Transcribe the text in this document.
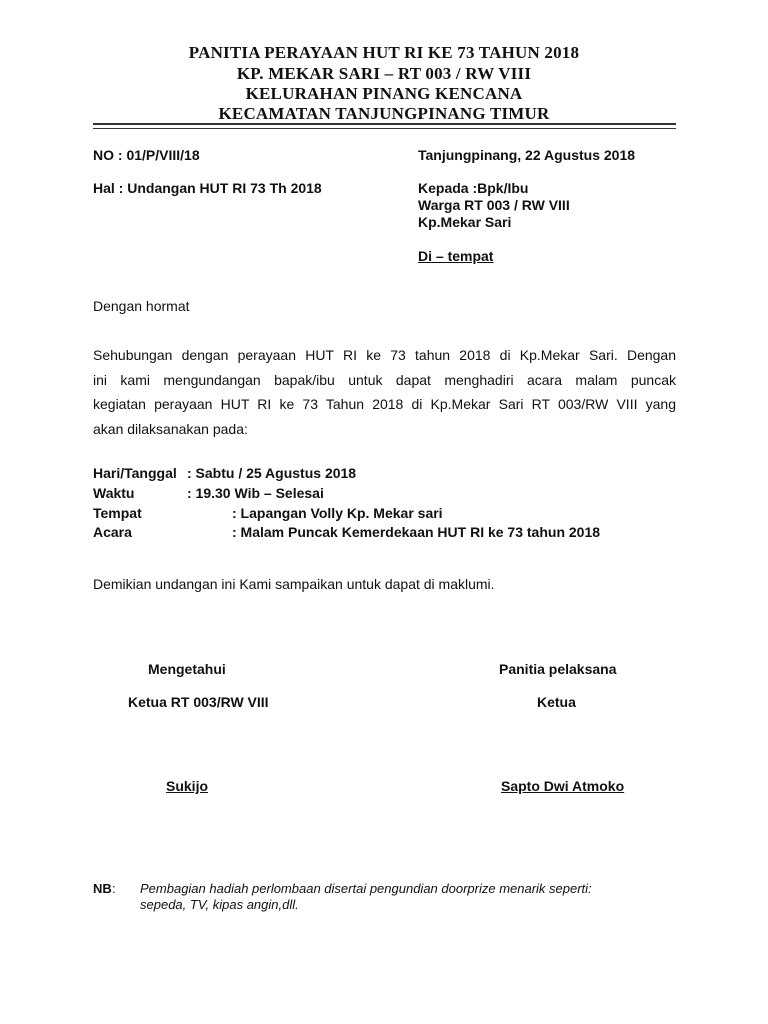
PANITIA PERAYAAN HUT RI KE 73 TAHUN 2018
KP. MEKAR SARI – RT 003 / RW VIII
KELURAHAN PINANG KENCANA
KECAMATAN TANJUNGPINANG TIMUR
NO : 01/P/VIII/18	Tanjungpinang, 22 Agustus 2018
Hal : Undangan HUT RI 73 Th 2018	Kepada :Bpk/Ibu
Warga RT 003 / RW VIII
Kp.Mekar Sari
Di – tempat
Dengan hormat
Sehubungan dengan perayaan HUT RI ke 73 tahun 2018 di Kp.Mekar Sari. Dengan
ini kami mengundangan bapak/ibu untuk dapat menghadiri acara malam puncak
kegiatan perayaan HUT RI ke 73 Tahun 2018 di Kp.Mekar Sari RT 003/RW VIII yang
akan dilaksanakan pada:
Hari/Tanggal : Sabtu / 25 Agustus 2018
Waktu	: 19.30 Wib – Selesai
Tempat	: Lapangan Volly Kp. Mekar sari
Acara	: Malam Puncak Kemerdekaan HUT RI ke 73 tahun 2018
Demikian undangan ini Kami sampaikan untuk dapat di maklumi.
Mengetahui
Ketua RT 003/RW VIII
Sukijo
Panitia pelaksana
Ketua
Sapto Dwi Atmoko
NB : Pembagian hadiah perlombaan disertai pengundian doorprize menarik seperti:
sepeda, TV, kipas angin,dll.
